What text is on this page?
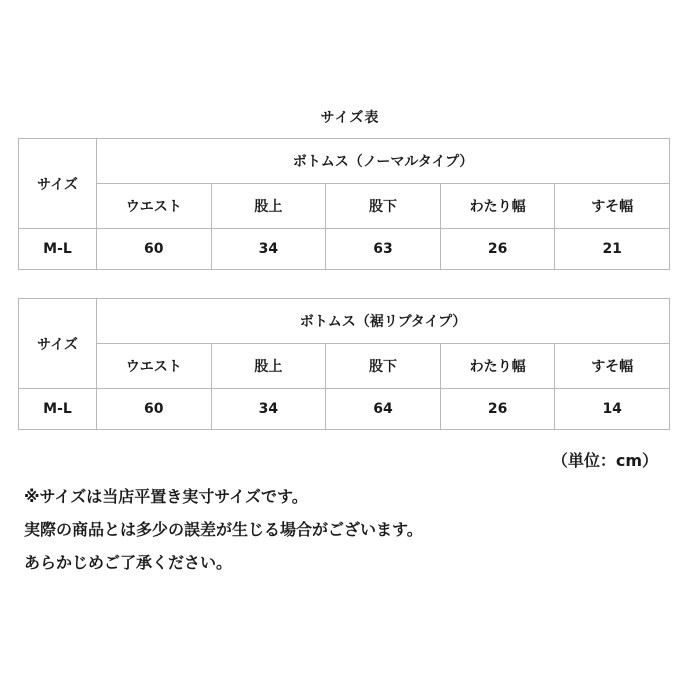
サイズ表
サイズ	ボトムス（ノーマルタイプ）				
	ウエスト	股上	股下	わたり幅	すそ幅
M-L	60	34	63	26	21
サイズ	ボトムス（裾リブタイプ）				
	ウエスト	股上	股下	わたり幅	すそ幅
M-L	60	34	64	26	14
（単位：cm）
※サイズは当店平置き実寸サイズです。
実際の商品とは多少の誤差が生じる場合がございます。
あらかじめご了承ください。
